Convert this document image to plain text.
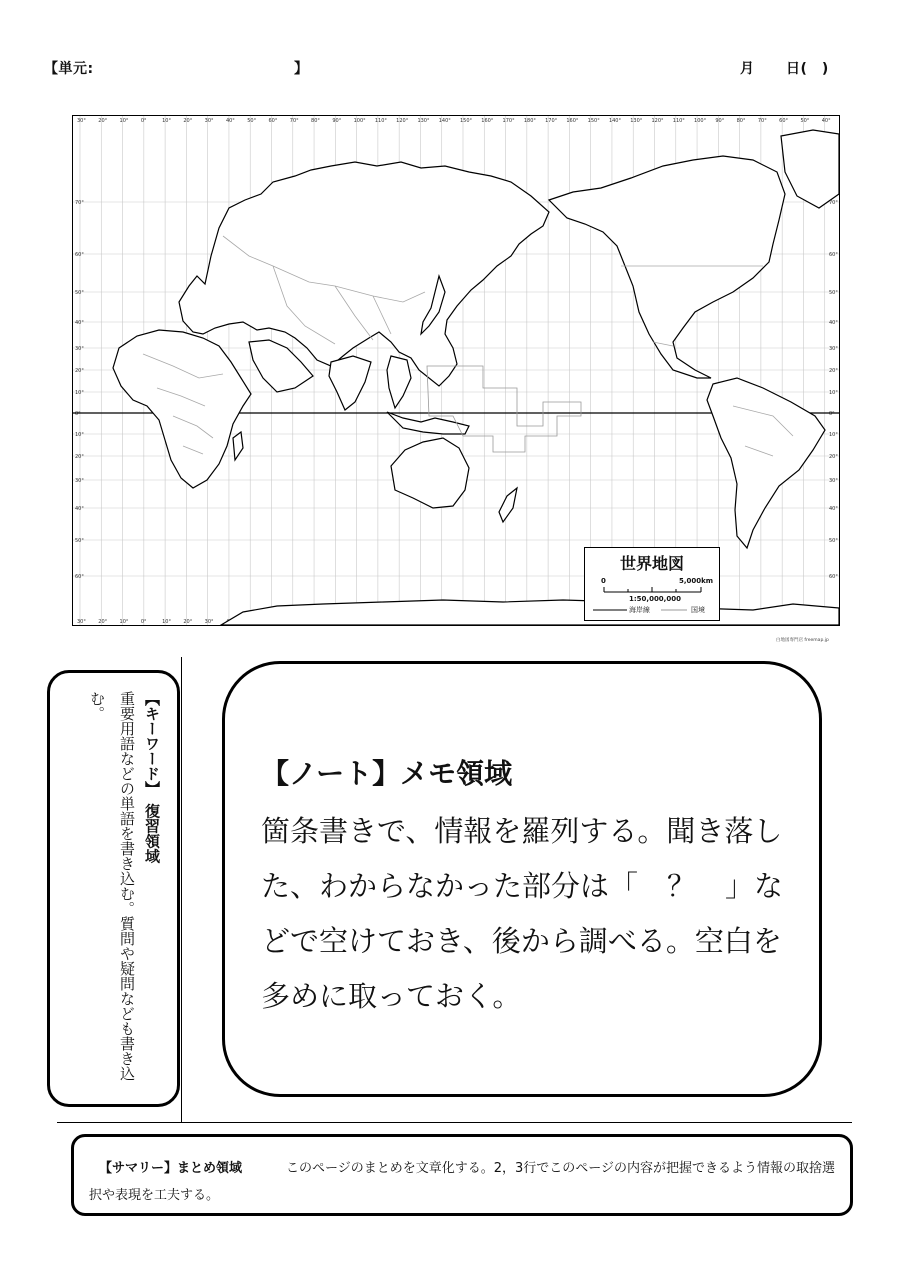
【単元:	】	月 日(　)
30°
30°
20°
20°
10°
10°
0°
0°
10°
10°
20°
20°
30°
30°
40° 50° 60° 70° 80° 90° 100° 110° 120° 130° 140° 150° 160° 170° 180° 170° 160° 150° 140° 130° 120° 110° 100° 90° 80° 70° 60° 50° 40°
70°	70°
60°	60°
50°	50°
40°	40°
30°	30°
20°	20°
10°	10°
0°	0°
10°	10°
20°	20°
30°	30°
40°	40°
50°	50°
60°	60°
世界地図
0	5,000km
1:50,000,000
海岸線	国境
白地図専門店 freemap.jp
【キーワード】　復習領域
重要用語などの単語を書き込む。質問や疑問なども書き込む。
【ノート】メモ領域
箇条書きで、情報を羅列する。聞き落した、わからなかった部分は「　？　」などで空けておき、後から調べる。空白を多めに取っておく。
【サマリー】まとめ領域	このページのまとめを文章化する。2，3行でこのページの内容が把握できるよう情報の取捨選択や表現を工夫する。
